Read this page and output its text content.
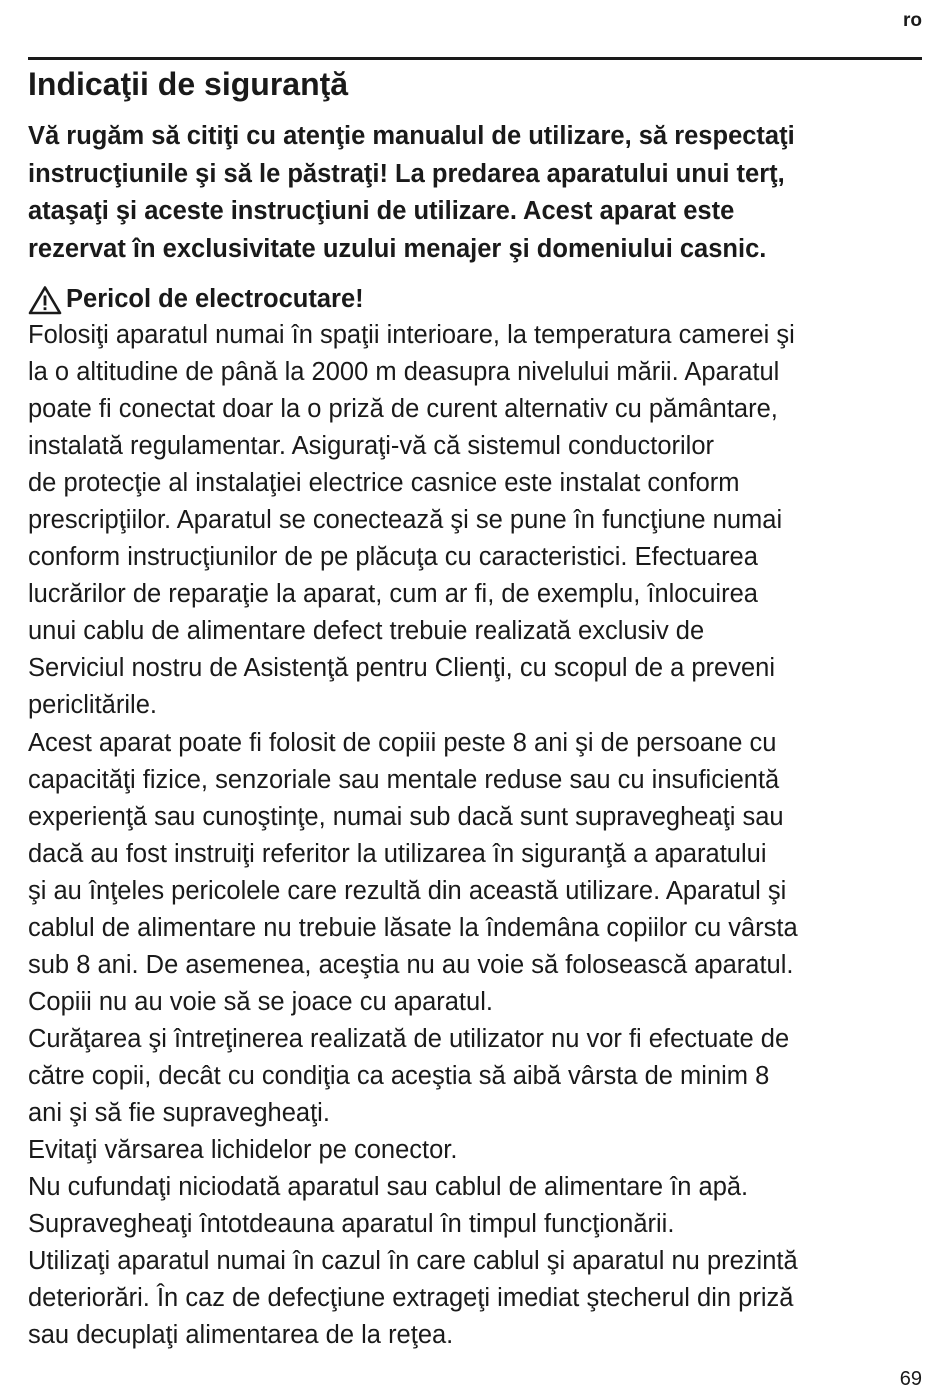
ro
Indicaţii de siguranţă
Vă rugăm să citiţi cu atenţie manualul de utilizare, să respectaţi
instrucţiunile şi să le păstraţi! La predarea aparatului unui terţ,
ataşaţi şi aceste instrucţiuni de utilizare. Acest aparat este
rezervat în exclusivitate uzului menajer şi domeniului casnic.
Pericol de electrocutare!
Folosiţi aparatul numai în spaţii interioare, la temperatura camerei şi
la o altitudine de până la 2000 m deasupra nivelului mării. Aparatul
poate fi conectat doar la o priză de curent alternativ cu pământare,
instalată regulamentar. Asiguraţi-vă că sistemul conductorilor
de protecţie al instalaţiei electrice casnice este instalat conform
prescripţiilor. Aparatul se conectează şi se pune în funcţiune numai
conform instrucţiunilor de pe plăcuţa cu caracteristici. Efectuarea
lucrărilor de reparaţie la aparat, cum ar fi, de exemplu, înlocuirea
unui cablu de alimentare defect trebuie realizată exclusiv de
Serviciul nostru de Asistenţă pentru Clienţi, cu scopul de a preveni
periclitările.
Acest aparat poate fi folosit de copiii peste 8 ani şi de persoane cu
capacităţi fizice, senzoriale sau mentale reduse sau cu insuficientă
experienţă sau cunoştinţe, numai sub dacă sunt supravegheaţi sau
dacă au fost instruiţi referitor la utilizarea în siguranţă a aparatului
şi au înţeles pericolele care rezultă din această utilizare. Aparatul şi
cablul de alimentare nu trebuie lăsate la îndemâna copiilor cu vârsta
sub 8 ani. De asemenea, aceştia nu au voie să folosească aparatul.
Copiii nu au voie să se joace cu aparatul.
Curăţarea şi întreţinerea realizată de utilizator nu vor fi efectuate de
către copii, decât cu condiţia ca aceştia să aibă vârsta de minim 8
ani şi să fie supravegheaţi.
Evitaţi vărsarea lichidelor pe conector.
Nu cufundaţi niciodată aparatul sau cablul de alimentare în apă.
Supravegheaţi întotdeauna aparatul în timpul funcţionării.
Utilizaţi aparatul numai în cazul în care cablul şi aparatul nu prezintă
deteriorări. În caz de defecţiune extrageţi imediat ştecherul din priză
sau decuplaţi alimentarea de la reţea.
69
